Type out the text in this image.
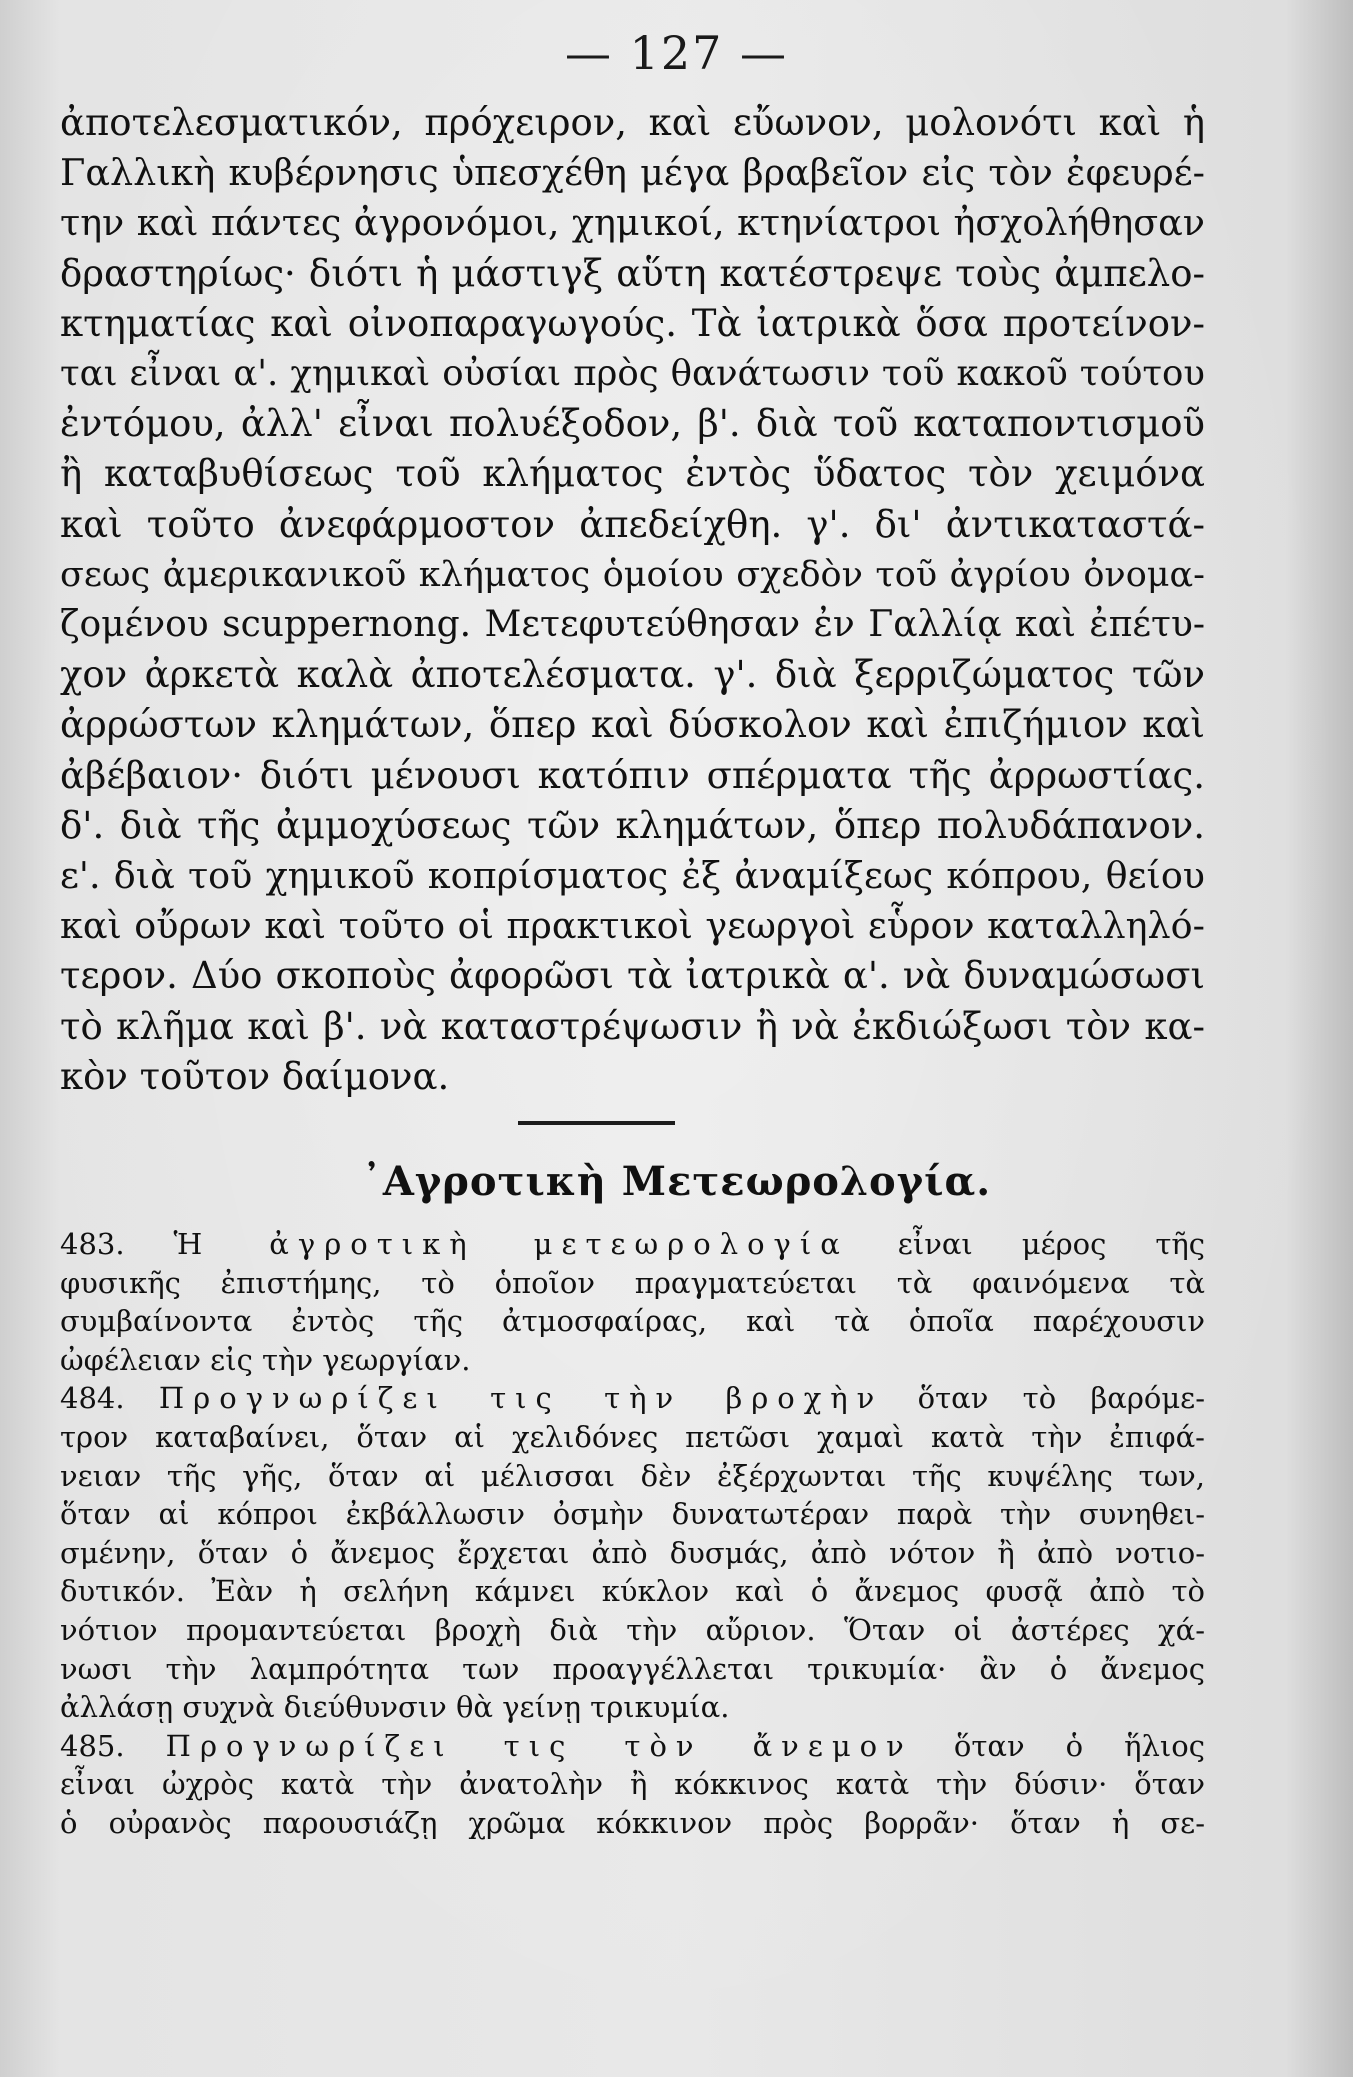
— 127 —
ἀποτελεσματικόν, πρόχειρον, καὶ εὔωνον, μολονότι καὶ ἡ
Γαλλικὴ κυβέρνησις ὑπεσχέθη μέγα βραβεῖον εἰς τὸν ἐφευρέ-
την καὶ πάντες ἀγρονόμοι, χημικοί, κτηνίατροι ἠσχολήθησαν
δραστηρίως· διότι ἡ μάστιγξ αὕτη κατέστρεψε τοὺς ἀμπελο-
κτηματίας καὶ οἰνοπαραγωγούς. Τὰ ἰατρικὰ ὅσα προτείνον-
ται εἶναι α'. χημικαὶ οὐσίαι πρὸς θανάτωσιν τοῦ κακοῦ τούτου
ἐντόμου, ἀλλ' εἶναι πολυέξοδον, β'. διὰ τοῦ καταποντισμοῦ
ἢ καταβυθίσεως τοῦ κλήματος ἐντὸς ὕδατος τὸν χειμόνα
καὶ τοῦτο ἀνεφάρμοστον ἀπεδείχθη. γ'. δι' ἀντικαταστά-
σεως ἀμερικανικοῦ κλήματος ὁμοίου σχεδὸν τοῦ ἀγρίου ὀνομα-
ζομένου scuppernong. Μετεφυτεύθησαν ἐν Γαλλίᾳ καὶ ἐπέτυ-
χον ἀρκετὰ καλὰ ἀποτελέσματα. γ'. διὰ ξερριζώματος τῶν
ἀρρώστων κλημάτων, ὅπερ καὶ δύσκολον καὶ ἐπιζήμιον καὶ
ἀβέβαιον· διότι μένουσι κατόπιν σπέρματα τῆς ἀρρωστίας.
δ'. διὰ τῆς ἀμμοχύσεως τῶν κλημάτων, ὅπερ πολυδάπανον.
ε'. διὰ τοῦ χημικοῦ κοπρίσματος ἐξ ἀναμίξεως κόπρου, θείου
καὶ οὔρων καὶ τοῦτο οἱ πρακτικοὶ γεωργοὶ εὗρον καταλληλό-
τερον. Δύο σκοποὺς ἀφορῶσι τὰ ἰατρικὰ α'. νὰ δυναμώσωσι
τὸ κλῆμα καὶ β'. νὰ καταστρέψωσιν ἢ νὰ ἐκδιώξωσι τὸν κα-
κὸν τοῦτον δαίμονα.
᾿Αγροτικὴ Μετεωρολογία.
483. Ἡ ἀγροτικὴ μετεωρολογία εἶναι μέρος τῆς
φυσικῆς ἐπιστήμης, τὸ ὁποῖον πραγματεύεται τὰ φαινόμενα τὰ
συμβαίνοντα ἐντὸς τῆς ἀτμοσφαίρας, καὶ τὰ ὁποῖα παρέχουσιν
ὠφέλειαν εἰς τὴν γεωργίαν.
484. Προγνωρίζει τις τὴν βροχὴν ὅταν τὸ βαρόμε-
τρον καταβαίνει, ὅταν αἱ χελιδόνες πετῶσι χαμαὶ κατὰ τὴν ἐπιφά-
νειαν τῆς γῆς, ὅταν αἱ μέλισσαι δὲν ἐξέρχωνται τῆς κυψέλης των,
ὅταν αἱ κόπροι ἐκβάλλωσιν ὀσμὴν δυνατωτέραν παρὰ τὴν συνηθει-
σμένην, ὅταν ὁ ἄνεμος ἔρχεται ἀπὸ δυσμάς, ἀπὸ νότον ἢ ἀπὸ νοτιο-
δυτικόν. Ἐὰν ἡ σελήνη κάμνει κύκλον καὶ ὁ ἄνεμος φυσᾷ ἀπὸ τὸ
νότιον προμαντεύεται βροχὴ διὰ τὴν αὔριον. Ὅταν οἱ ἀστέρες χά-
νωσι τὴν λαμπρότητα των προαγγέλλεται τρικυμία· ἂν ὁ ἄνεμος
ἀλλάσῃ συχνὰ διεύθυνσιν θὰ γείνῃ τρικυμία.
485. Προγνωρίζει τις τὸν ἄνεμον ὅταν ὁ ἥλιος
εἶναι ὠχρὸς κατὰ τὴν ἀνατολὴν ἢ κόκκινος κατὰ τὴν δύσιν· ὅταν
ὁ οὐρανὸς παρουσιάζῃ χρῶμα κόκκινον πρὸς βορρᾶν· ὅταν ἡ σε-
